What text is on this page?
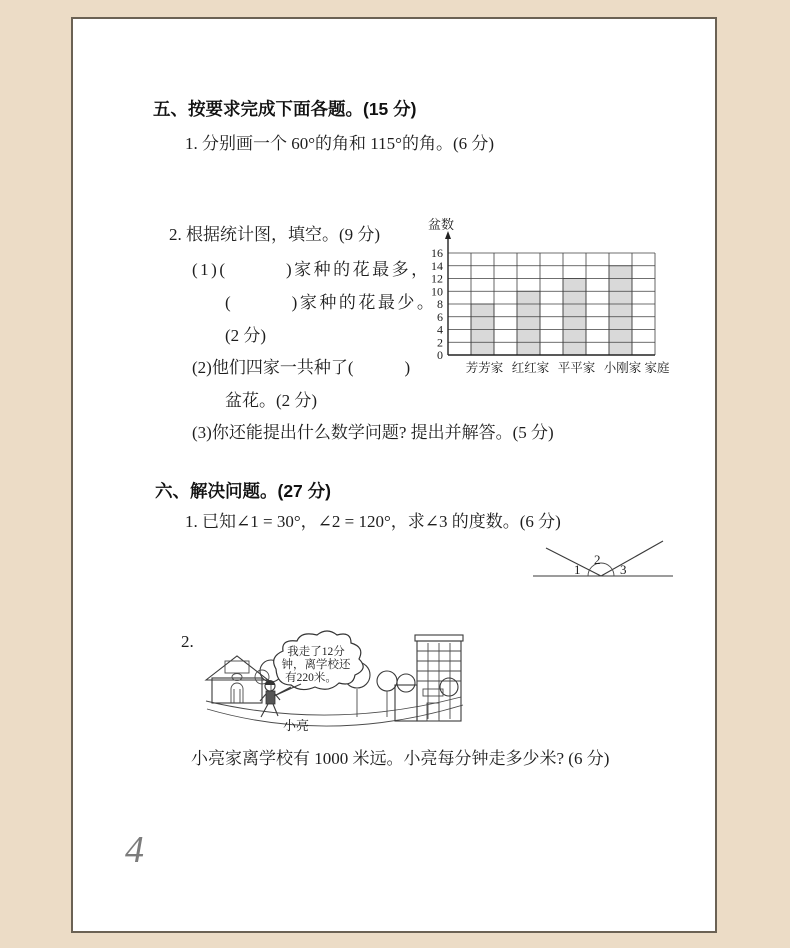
五、按要求完成下面各题。(15 分)
1. 分别画一个 60°的角和 115°的角。(6 分)
2. 根据统计图，填空。(9 分)
(1)(　　　)家种的花最多，
(　　　)家种的花最少。
(2 分)
(2)他们四家一共种了(　　　)
盆花。(2 分)
(3)你还能提出什么数学问题? 提出并解答。(5 分)
0
2
4
6
8
10
12
14
16
盆数
芳芳家 红红家 平平家 小刚家 家庭
六、解决问题。(27 分)
1. 已知∠1 = 30°，∠2 = 120°，求∠3 的度数。(6 分)
1
2
3
2.
小亮
我走了12分
钟，离学校还
有220米。
小亮家离学校有 1000 米远。小亮每分钟走多少米? (6 分)
4
